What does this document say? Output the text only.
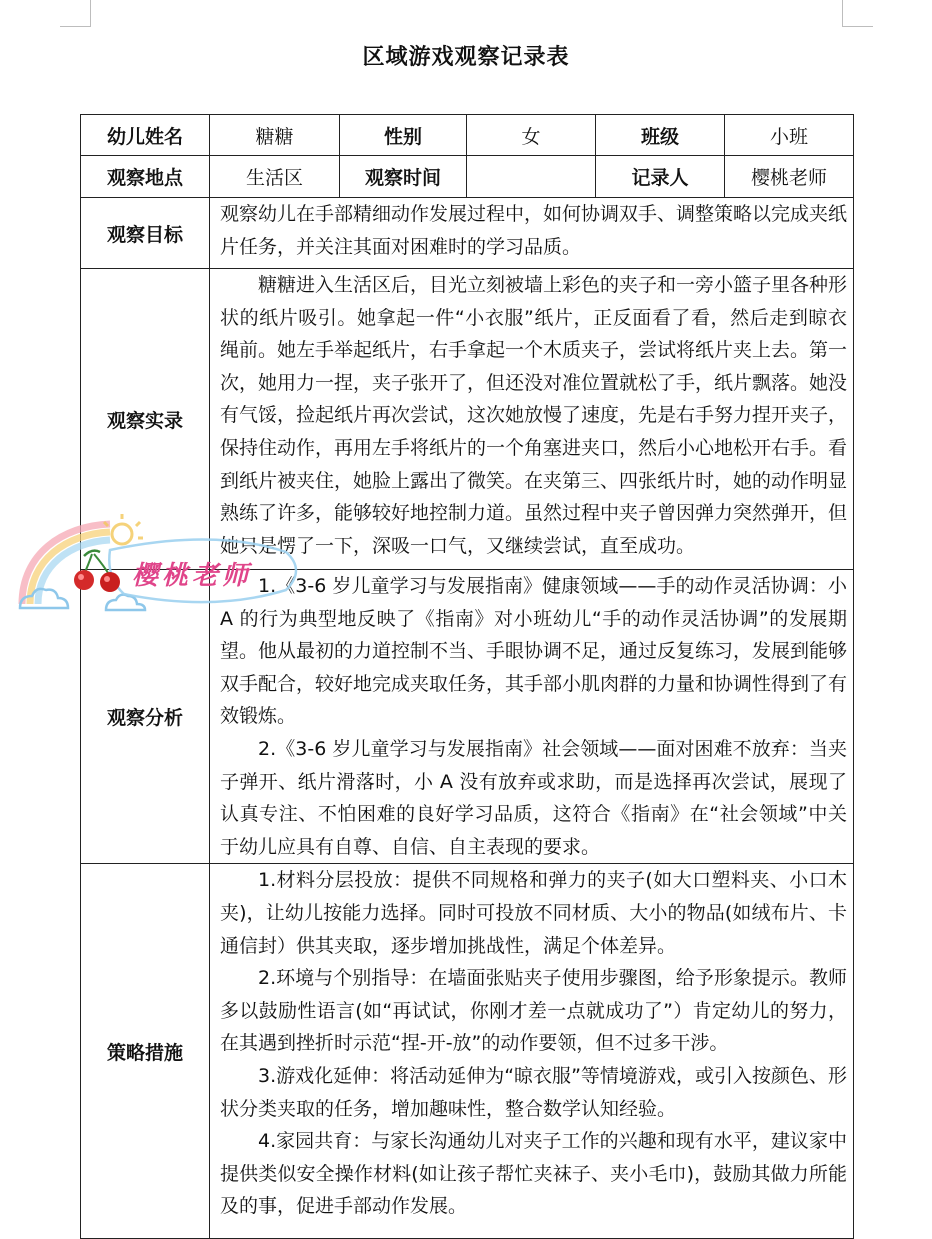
区域游戏观察记录表
幼儿姓名	糖糖	性别	女	班级	小班
观察地点	生活区	观察时间		记录人	樱桃老师
观察目标	观察幼儿在手部精细动作发展过程中，如何协调双手、调整策略以完成夹纸片任务，并关注其面对困难时的学习品质。				

观察实录	糖糖进入生活区后，目光立刻被墙上彩色的夹子和一旁小篮子里各种形状的纸片吸引。她拿起一件“小衣服”纸片，正反面看了看，然后走到晾衣绳前。她左手举起纸片，右手拿起一个木质夹子，尝试将纸片夹上去。第一次，她用力一捏，夹子张开了，但还没对准位置就松了手，纸片飘落。她没有气馁，捡起纸片再次尝试，这次她放慢了速度，先是右手努力捏开夹子，保持住动作，再用左手将纸片的一个角塞进夹口，然后小心地松开右手。看到纸片被夹住，她脸上露出了微笑。在夹第三、四张纸片时，她的动作明显熟练了许多，能够较好地控制力道。虽然过程中夹子曾因弹力突然弹开，但她只是愣了一下，深吸一口气，又继续尝试，直至成功。				

观察分析	1.《3-6 岁儿童学习与发展指南》健康领域——手的动作灵活协调：小 A 的行为典型地反映了《指南》对小班幼儿“手的动作灵活协调”的发展期望。他从最初的力道控制不当、手眼协调不足，通过反复练习，发展到能够双手配合，较好地完成夹取任务，其手部小肌肉群的力量和协调性得到了有效锻炼。

2.《3-6 岁儿童学习与发展指南》社会领域——面对困难不放弃：当夹子弹开、纸片滑落时，小 A 没有放弃或求助，而是选择再次尝试，展现了认真专注、不怕困难的良好学习品质，这符合《指南》在“社会领域”中关于幼儿应具有自尊、自信、自主表现的要求。				

策略措施	1.材料分层投放：提供不同规格和弹力的夹子(如大口塑料夹、小口木夹)，让幼儿按能力选择。同时可投放不同材质、大小的物品(如绒布片、卡通信封）供其夹取，逐步增加挑战性，满足个体差异。

2.环境与个别指导：在墙面张贴夹子使用步骤图，给予形象提示。教师多以鼓励性语言(如“再试试，你刚才差一点就成功了”）肯定幼儿的努力，在其遇到挫折时示范“捏-开-放”的动作要领，但不过多干涉。

3.游戏化延伸：将活动延伸为“晾衣服”等情境游戏，或引入按颜色、形状分类夹取的任务，增加趣味性，整合数学认知经验。

4.家园共育：与家长沟通幼儿对夹子工作的兴趣和现有水平，建议家中提供类似安全操作材料(如让孩子帮忙夹袜子、夹小毛巾)，鼓励其做力所能及的事，促进手部动作发展。				

樱桃老师
